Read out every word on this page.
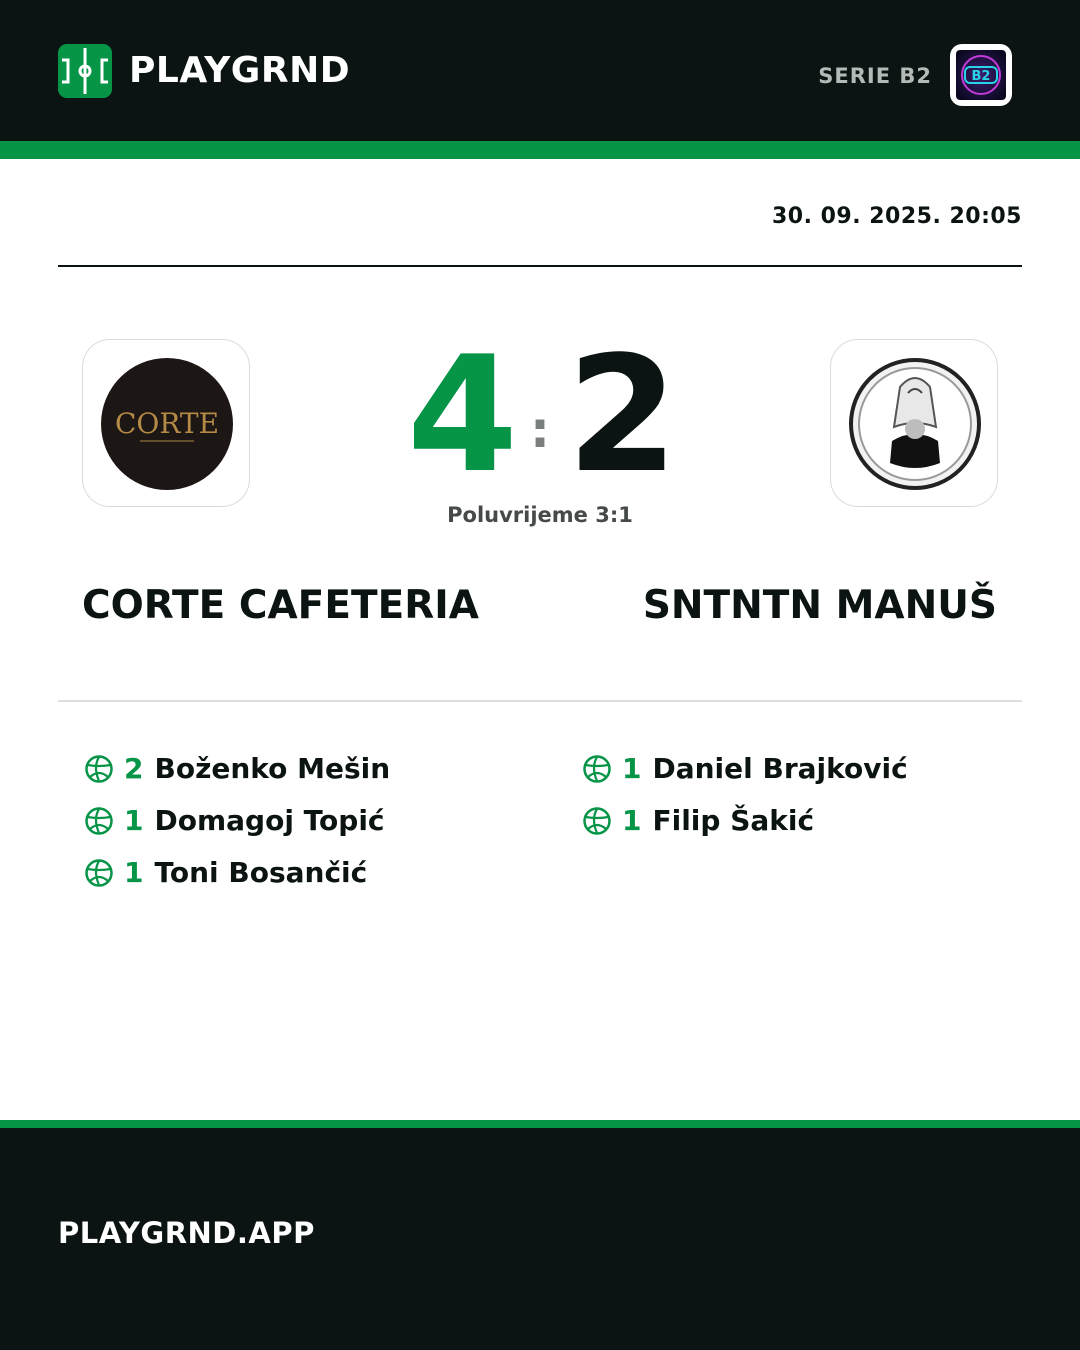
PLAYGRND	SERIE B2	B2
30. 09. 2025. 20:05
CORTE 4 : 2
Poluvrijeme 3:1
CORTE CAFETERIA	SNTNTN MANUŠ
2 Boženko Mešin
1 Domagoj Topić
1 Toni Bosančić
1 Daniel Brajković
1 Filip Šakić
PLAYGRND.APP
